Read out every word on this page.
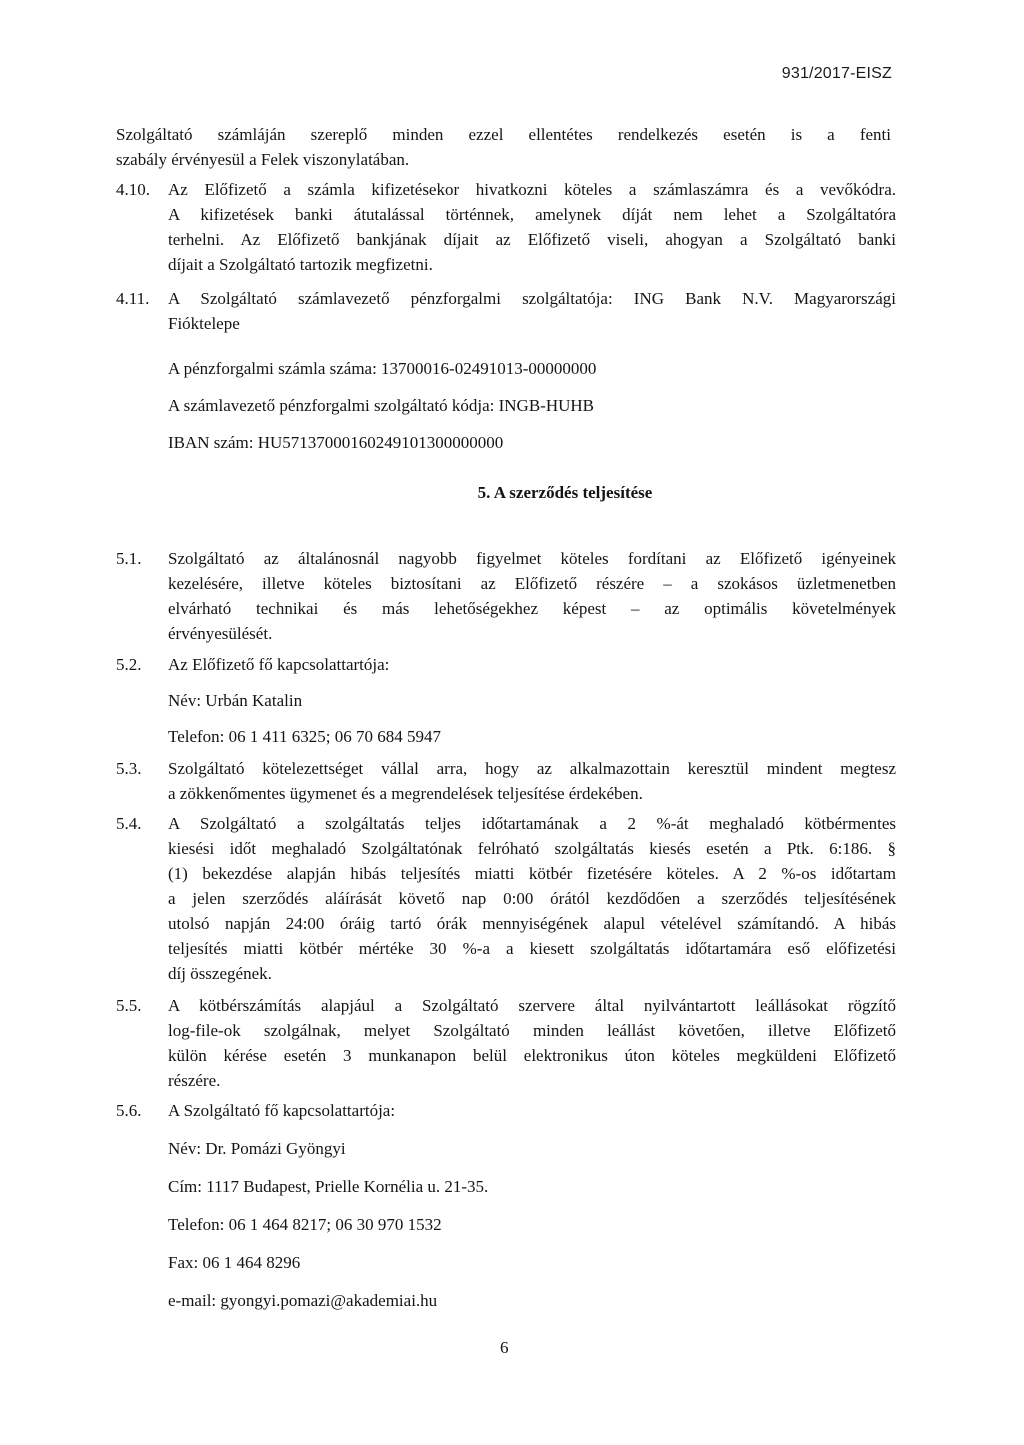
931/2017-EISZ
Szolgáltató számláján szereplő minden ezzel ellentétes rendelkezés esetén is a fenti
szabály érvényesül a Felek viszonylatában.
4.10.	Az Előfizető a számla kifizetésekor hivatkozni köteles a számlaszámra és a vevőkódra.
A kifizetések banki átutalással történnek, amelynek díját nem lehet a Szolgáltatóra
terhelni. Az Előfizető bankjának díjait az Előfizető viseli, ahogyan a Szolgáltató banki
díjait a Szolgáltató tartozik megfizetni.
4.11.	A Szolgáltató számlavezető pénzforgalmi szolgáltatója: ING Bank N.V. Magyarországi
Fióktelepe
A pénzforgalmi számla száma: 13700016-02491013-00000000
A számlavezető pénzforgalmi szolgáltató kódja: INGB-HUHB
IBAN szám: HU57137000160249101300000000
5. A szerződés teljesítése
5.1.	Szolgáltató az általánosnál nagyobb figyelmet köteles fordítani az Előfizető igényeinek
kezelésére, illetve köteles biztosítani az Előfizető részére – a szokásos üzletmenetben
elvárható technikai és más lehetőségekhez képest – az optimális követelmények
érvényesülését.
5.2.	Az Előfizető fő kapcsolattartója:
Név: Urbán Katalin
Telefon: 06 1 411 6325; 06 70 684 5947
5.3.	Szolgáltató kötelezettséget vállal arra, hogy az alkalmazottain keresztül mindent megtesz
a zökkenőmentes ügymenet és a megrendelések teljesítése érdekében.
5.4.	A Szolgáltató a szolgáltatás teljes időtartamának a 2 %-át meghaladó kötbérmentes
kiesési időt meghaladó Szolgáltatónak felróható szolgáltatás kiesés esetén a Ptk. 6:186. §
(1) bekezdése alapján hibás teljesítés miatti kötbér fizetésére köteles. A 2 %-os időtartam
a jelen szerződés aláírását követő nap 0:00 órától kezdődően a szerződés teljesítésének
utolsó napján 24:00 óráig tartó órák mennyiségének alapul vételével számítandó. A hibás
teljesítés miatti kötbér mértéke 30 %-a a kiesett szolgáltatás időtartamára eső előfizetési
díj összegének.
5.5.	A kötbérszámítás alapjául a Szolgáltató szervere által nyilvántartott leállásokat rögzítő
log-file-ok szolgálnak, melyet Szolgáltató minden leállást követően, illetve Előfizető
külön kérése esetén 3 munkanapon belül elektronikus úton köteles megküldeni Előfizető
részére.
5.6.	A Szolgáltató fő kapcsolattartója:
Név: Dr. Pomázi Gyöngyi
Cím: 1117 Budapest, Prielle Kornélia u. 21-35.
Telefon: 06 1 464 8217; 06 30 970 1532
Fax: 06 1 464 8296
e-mail: gyongyi.pomazi@akademiai.hu
6
